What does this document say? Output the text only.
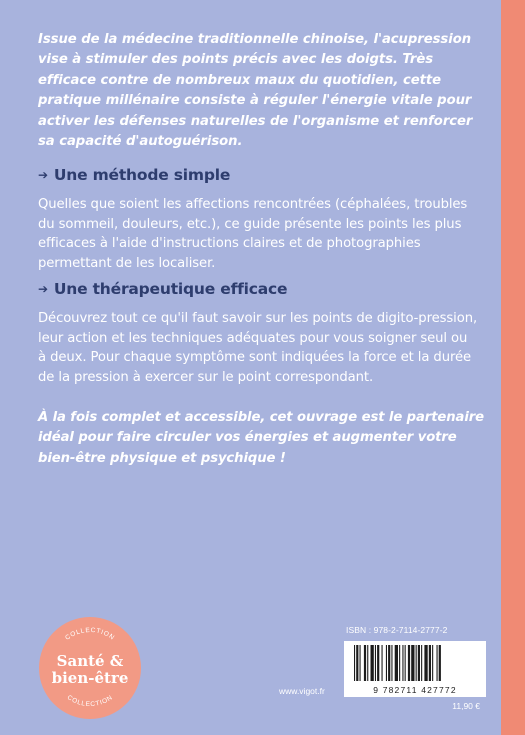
Issue de la médecine traditionnelle chinoise, l'acupression vise à stimuler des points précis avec les doigts. Très efficace contre de nombreux maux du quotidien, cette pratique millénaire consiste à réguler l'énergie vitale pour activer les défenses naturelles de l'organisme et renforcer sa capacité d'autoguérison.

➔ Une méthode simple

Quelles que soient les affections rencontrées (céphalées, troubles du sommeil, douleurs, etc.), ce guide présente les points les plus efficaces à l'aide d'instructions claires et de photographies permettant de les localiser.

➔ Une thérapeutique efficace

Découvrez tout ce qu'il faut savoir sur les points de digito-pression, leur action et les techniques adéquates pour vous soigner seul ou à deux. Pour chaque symptôme sont indiquées la force et la durée de la pression à exercer sur le point correspondant.

À la fois complet et accessible, cet ouvrage est le partenaire idéal pour faire circuler vos énergies et augmenter votre bien-être physique et psychique !

COLLECTION
Santé &
bien-être
COLLECTION
www.vigot.fr

ISBN : 978-2-7114-2777-2

9 782711 427772
11,90 €
